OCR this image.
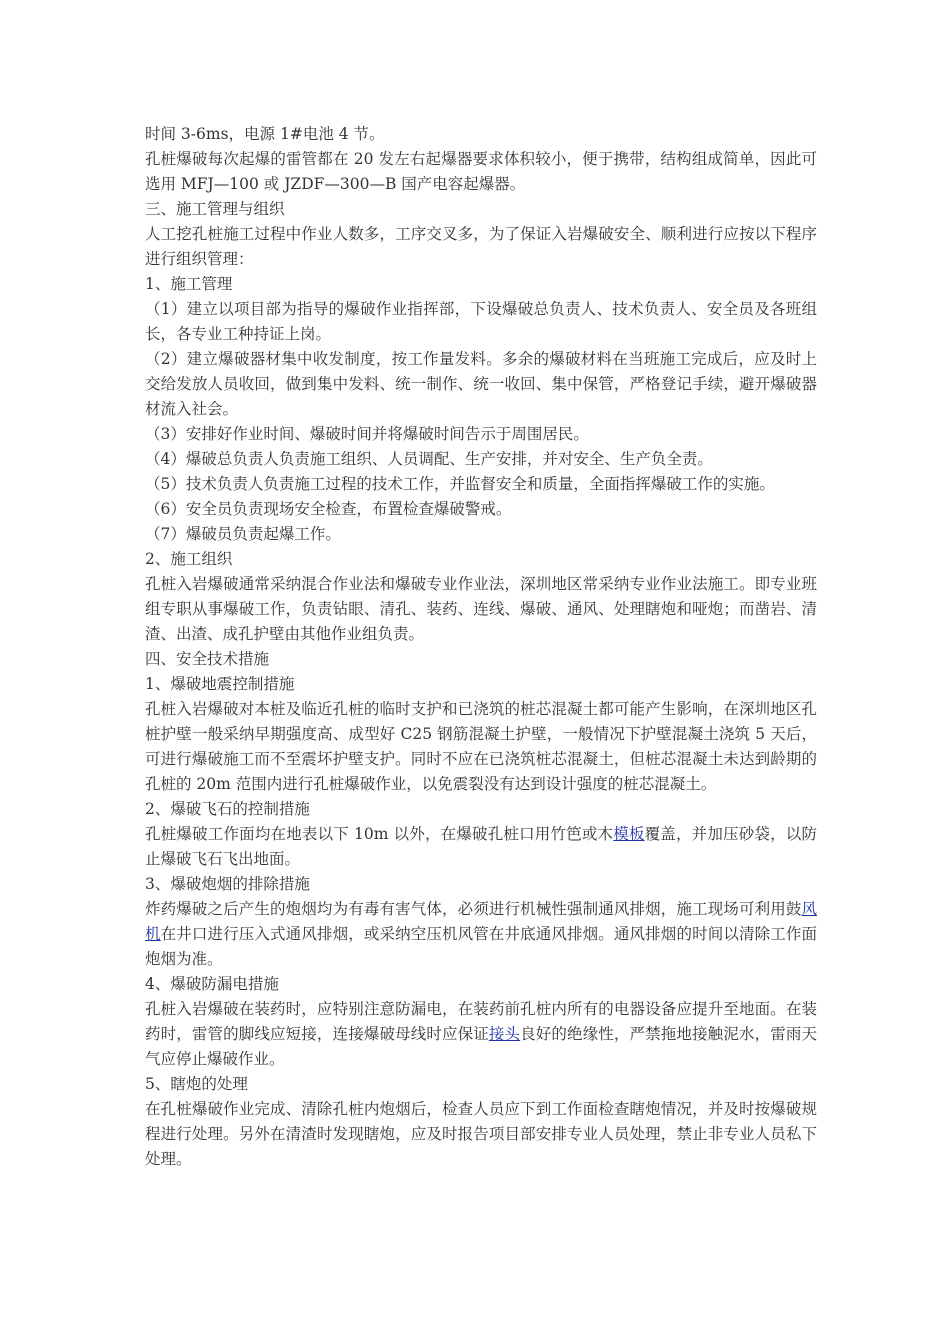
时间 3-6ms，电源 1#电池 4 节。

孔桩爆破每次起爆的雷管都在 20 发左右起爆器要求体积较小，便于携带，结构组成简单，因此可选用 MFJ—100 或 JZDF—300—B 国产电容起爆器。

三、施工管理与组织

人工挖孔桩施工过程中作业人数多，工序交叉多，为了保证入岩爆破安全、顺利进行应按以下程序进行组织管理：

1、施工管理

（1）建立以项目部为指导的爆破作业指挥部，下设爆破总负责人、技术负责人、安全员及各班组长，各专业工种持证上岗。

（2）建立爆破器材集中收发制度，按工作量发料。多余的爆破材料在当班施工完成后，应及时上交给发放人员收回，做到集中发料、统一制作、统一收回、集中保管，严格登记手续，避开爆破器材流入社会。

（3）安排好作业时间、爆破时间并将爆破时间告示于周围居民。

（4）爆破总负责人负责施工组织、人员调配、生产安排，并对安全、生产负全责。

（5）技术负责人负责施工过程的技术工作，并监督安全和质量，全面指挥爆破工作的实施。

（6）安全员负责现场安全检查，布置检查爆破警戒。

（7）爆破员负责起爆工作。

2、施工组织

孔桩入岩爆破通常采纳混合作业法和爆破专业作业法，深圳地区常采纳专业作业法施工。即专业班组专职从事爆破工作，负责钻眼、清孔、装药、连线、爆破、通风、处理瞎炮和哑炮；而凿岩、清渣、出渣、成孔护壁由其他作业组负责。

四、安全技术措施

1、爆破地震控制措施

孔桩入岩爆破对本桩及临近孔桩的临时支护和已浇筑的桩芯混凝土都可能产生影响，在深圳地区孔桩护壁一般采纳早期强度高、成型好 C25 钢筋混凝土护壁，一般情况下护壁混凝土浇筑 5 天后，可进行爆破施工而不至震坏护壁支护。同时不应在已浇筑桩芯混凝土，但桩芯混凝土未达到龄期的孔桩的 20m 范围内进行孔桩爆破作业，以免震裂没有达到设计强度的桩芯混凝土。

2、爆破飞石的控制措施

孔桩爆破工作面均在地表以下 10m 以外，在爆破孔桩口用竹笆或木模板覆盖，并加压砂袋，以防止爆破飞石飞出地面。

3、爆破炮烟的排除措施

炸药爆破之后产生的炮烟均为有毒有害气体，必须进行机械性强制通风排烟，施工现场可利用鼓风机在井口进行压入式通风排烟，或采纳空压机风管在井底通风排烟。通风排烟的时间以清除工作面炮烟为准。

4、爆破防漏电措施

孔桩入岩爆破在装药时，应特别注意防漏电，在装药前孔桩内所有的电器设备应提升至地面。在装药时，雷管的脚线应短接，连接爆破母线时应保证接头良好的绝缘性，严禁拖地接触泥水，雷雨天气应停止爆破作业。

5、瞎炮的处理

在孔桩爆破作业完成、清除孔桩内炮烟后，检查人员应下到工作面检查瞎炮情况，并及时按爆破规程进行处理。另外在清渣时发现瞎炮，应及时报告项目部安排专业人员处理，禁止非专业人员私下处理。
